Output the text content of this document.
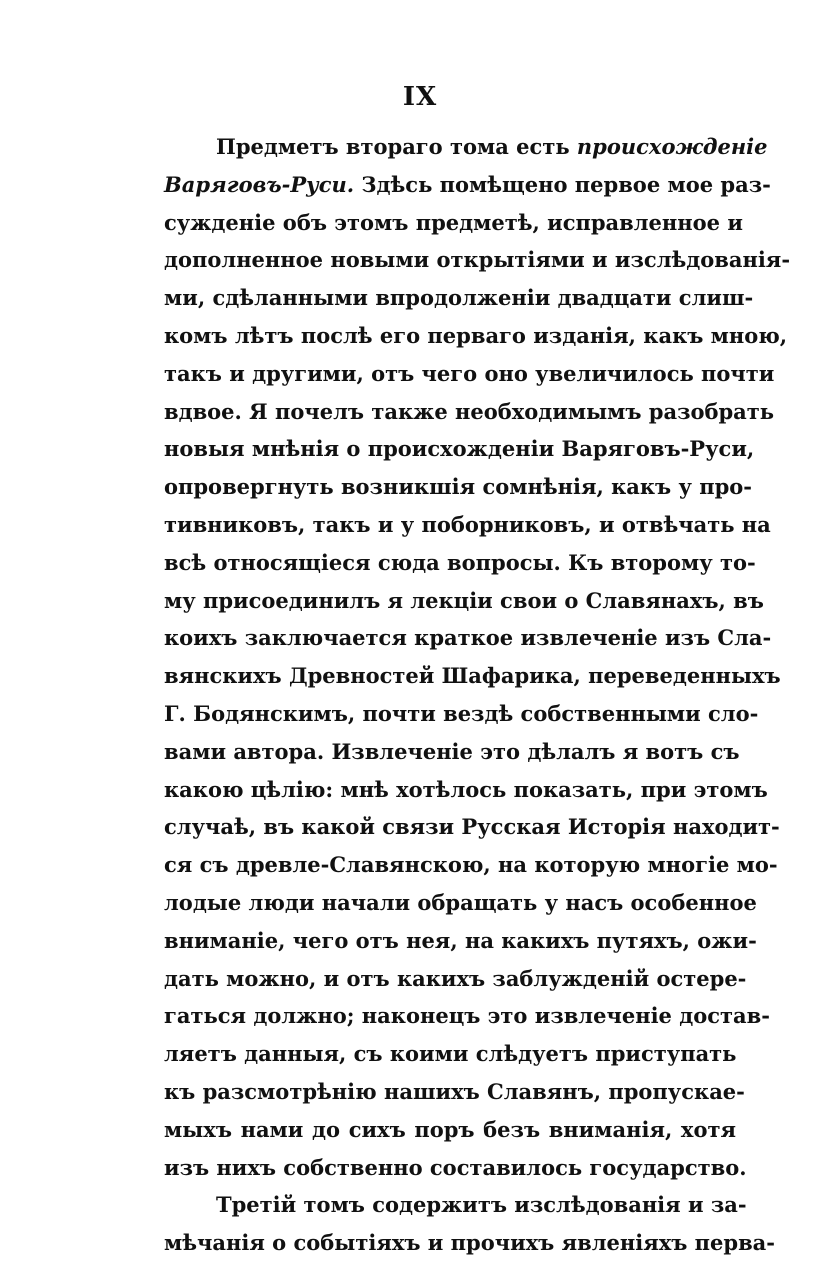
IX
Предметъ втораго тома есть происхожденіе
Варяговъ-Руси. Здѣсь помѣщено первое мое раз-
сужденіе объ этомъ предметѣ, исправленное и
дополненное новыми открытіями и изслѣдованія-
ми, сдѣланными впродолженіи двадцати слиш-
комъ лѣтъ послѣ его перваго изданія, какъ мною,
такъ и другими, отъ чего оно увеличилось почти
вдвое. Я почелъ также необходимымъ разобрать
новыя мнѣнія о происхожденіи Варяговъ-Руси,
опровергнуть возникшія сомнѣнія, какъ у про-
тивниковъ, такъ и у поборниковъ, и отвѣчать на
всѣ относящіеся сюда вопросы. Къ второму то-
му присоединилъ я лекціи свои о Славянахъ, въ
коихъ заключается краткое извлеченіе изъ Сла-
вянскихъ Древностей Шафарика, переведенныхъ
Г. Бодянскимъ, почти вездѣ собственными сло-
вами автора. Извлеченіе это дѣлалъ я вотъ съ
какою цѣлію: мнѣ хотѣлось показать, при этомъ
случаѣ, въ какой связи Русская Исторія находит-
ся съ древле-Славянскою, на которую многіе мо-
лодые люди начали обращать у насъ особенное
вниманіе, чего отъ нея, на какихъ путяхъ, ожи-
дать можно, и отъ какихъ заблужденій остере-
гаться должно; наконецъ это извлеченіе достав-
ляетъ данныя, съ коими слѣдуетъ приступать
къ разсмотрѣнію нашихъ Славянъ, пропускае-
мыхъ нами до сихъ поръ безъ вниманія, хотя
изъ нихъ собственно составилось государство.
Третій томъ содержитъ изслѣдованія и за-
мѣчанія о событіяхъ и прочихъ явленіяхъ перва-
